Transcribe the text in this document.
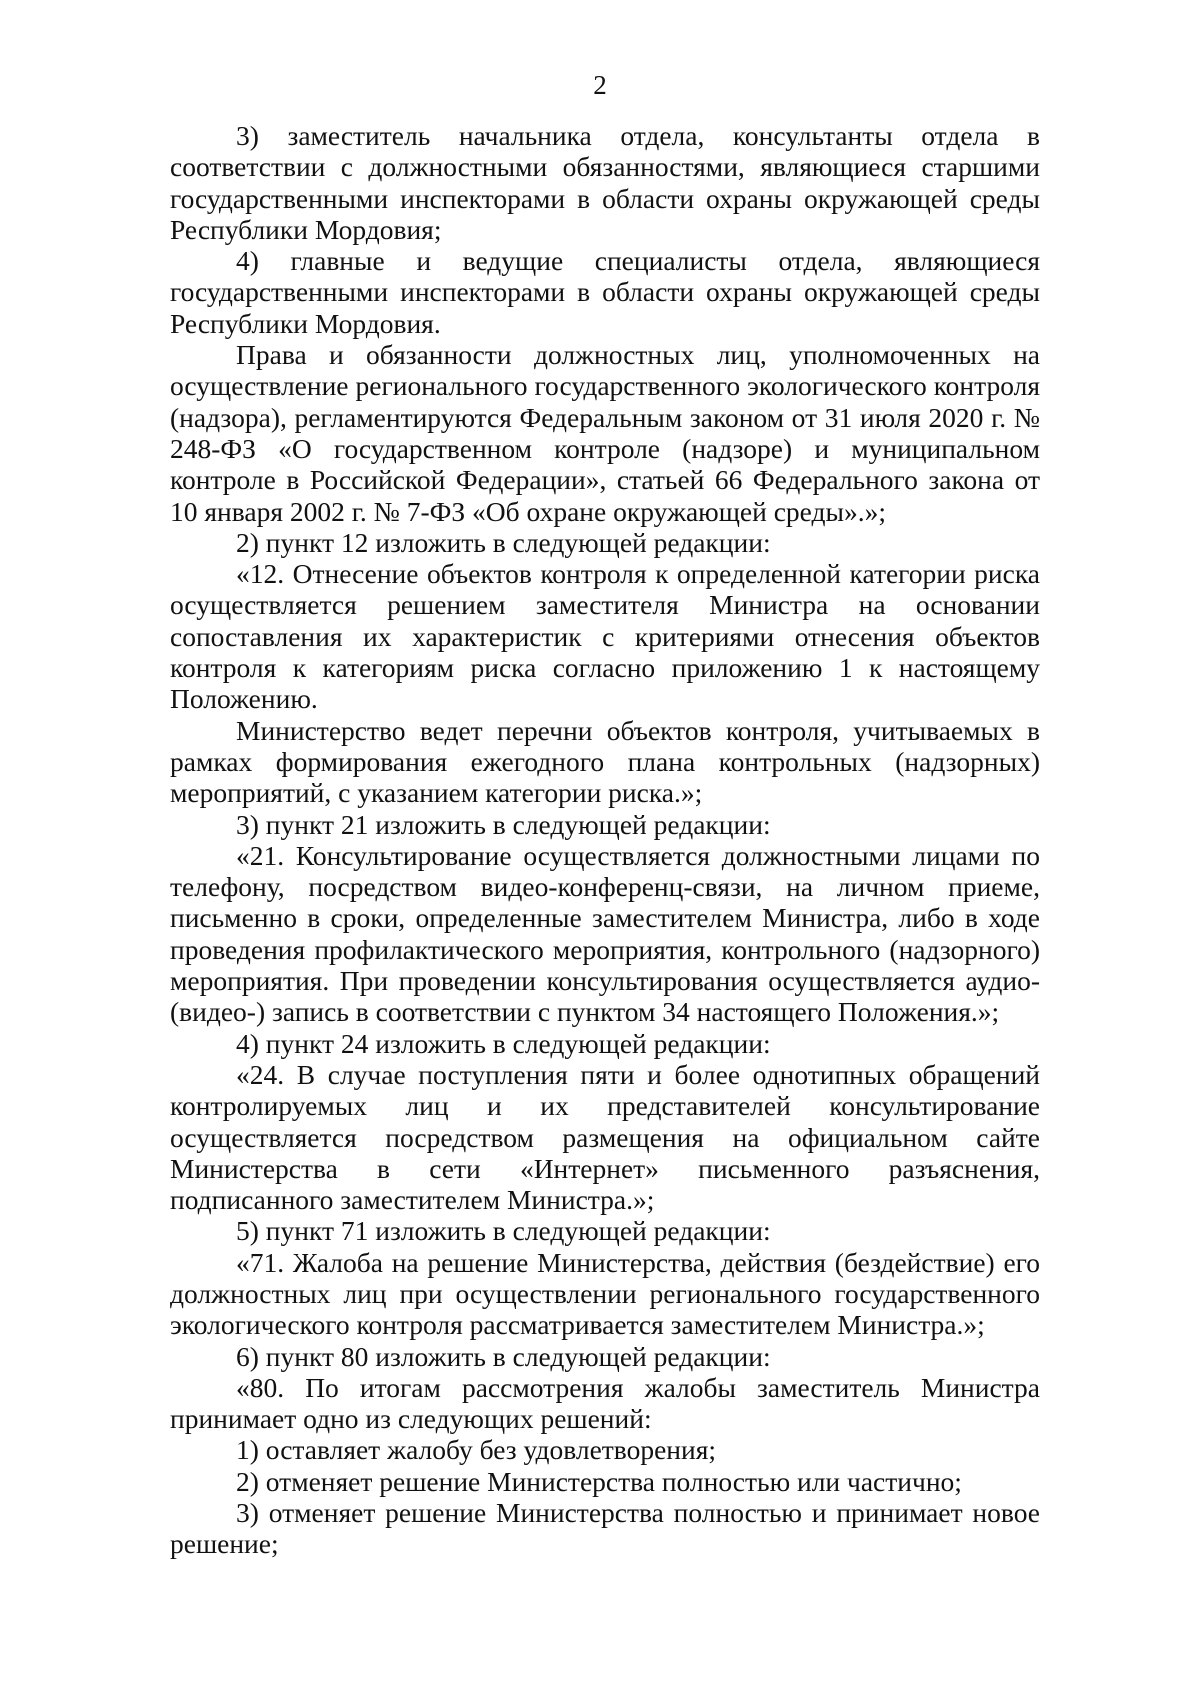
2

3) заместитель начальника отдела, консультанты отдела в соответствии с должностными обязанностями, являющиеся старшими государственными инспекторами в области охраны окружающей среды Республики Мордовия;

4) главные и ведущие специалисты отдела, являющиеся государственными инспекторами в области охраны окружающей среды Республики Мордовия.

Права и обязанности должностных лиц, уполномоченных на осуществление регионального государственного экологического контроля (надзора), регламентируются Федеральным законом от 31 июля 2020 г. № 248-ФЗ «О государственном контроле (надзоре) и муниципальном контроле в Российской Федерации», статьей 66 Федерального закона от 10 января 2002 г. № 7-ФЗ «Об охране окружающей среды».»;

2) пункт 12 изложить в следующей редакции:

«12. Отнесение объектов контроля к определенной категории риска осуществляется решением заместителя Министра на основании сопоставления их характеристик с критериями отнесения объектов контроля к категориям риска согласно приложению 1 к настоящему Положению.

Министерство ведет перечни объектов контроля, учитываемых в рамках формирования ежегодного плана контрольных (надзорных) мероприятий, с указанием категории риска.»;

3) пункт 21 изложить в следующей редакции:

«21. Консультирование осуществляется должностными лицами по телефону, посредством видео-конференц-связи, на личном приеме, письменно в сроки, определенные заместителем Министра, либо в ходе проведения профилактического мероприятия, контрольного (надзорного) мероприятия. При проведении консультирования осуществляется аудио-(видео-) запись в соответствии с пунктом 34 настоящего Положения.»;

4) пункт 24 изложить в следующей редакции:

«24. В случае поступления пяти и более однотипных обращений контролируемых лиц и их представителей консультирование осуществляется посредством размещения на официальном сайте Министерства в сети «Интернет» письменного разъяснения, подписанного заместителем Министра.»;

5) пункт 71 изложить в следующей редакции:

«71. Жалоба на решение Министерства, действия (бездействие) его должностных лиц при осуществлении регионального государственного экологического контроля рассматривается заместителем Министра.»;

6) пункт 80 изложить в следующей редакции:

«80. По итогам рассмотрения жалобы заместитель Министра принимает одно из следующих решений:

1) оставляет жалобу без удовлетворения;

2) отменяет решение Министерства полностью или частично;

3) отменяет решение Министерства полностью и принимает новое решение;
